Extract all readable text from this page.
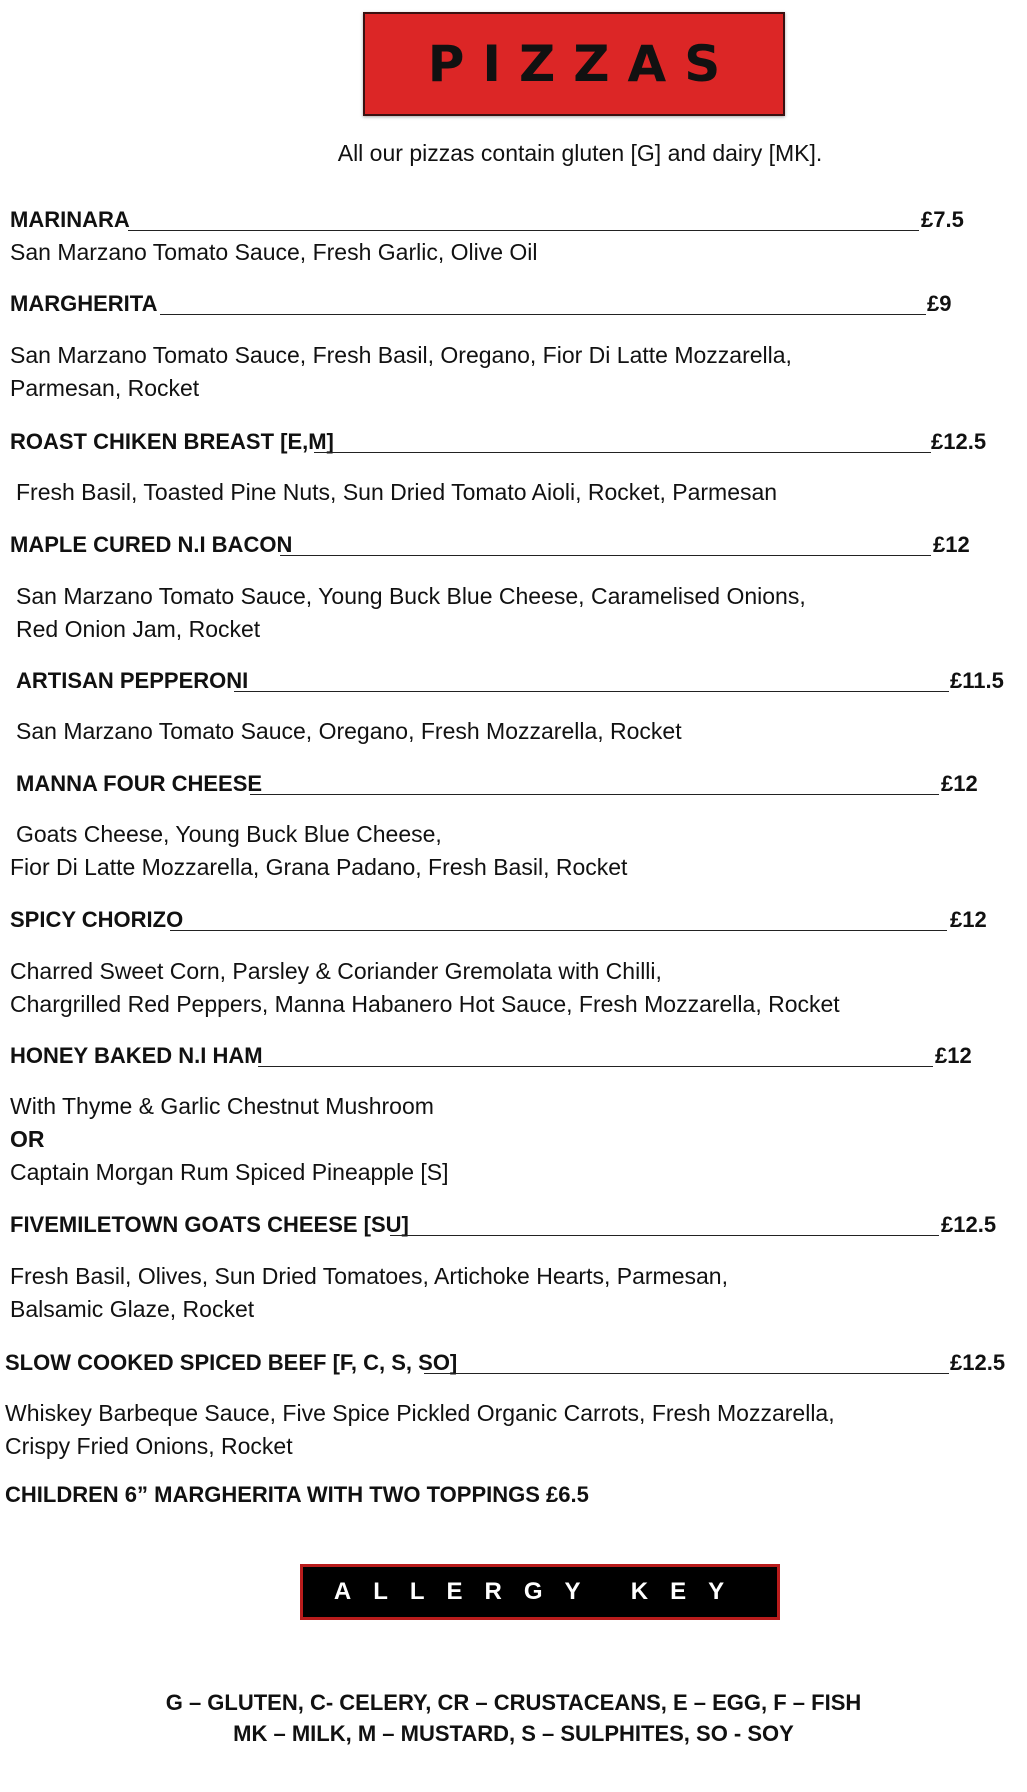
PIZZAS
All our pizzas contain gluten [G] and dairy [MK].
MARINARA	£7.5
San Marzano Tomato Sauce, Fresh Garlic, Olive Oil
MARGHERITA	£9
San Marzano Tomato Sauce, Fresh Basil, Oregano, Fior Di Latte Mozzarella,
Parmesan, Rocket
ROAST CHIKEN BREAST [E,M]	£12.5
Fresh Basil, Toasted Pine Nuts, Sun Dried Tomato Aioli, Rocket, Parmesan
MAPLE CURED N.I BACON	£12
San Marzano Tomato Sauce, Young Buck Blue Cheese, Caramelised Onions,
Red Onion Jam, Rocket
ARTISAN PEPPERONI	£11.5
San Marzano Tomato Sauce, Oregano, Fresh Mozzarella, Rocket
MANNA FOUR CHEESE	£12
Goats Cheese, Young Buck Blue Cheese,
Fior Di Latte Mozzarella, Grana Padano, Fresh Basil, Rocket
SPICY CHORIZO	£12
Charred Sweet Corn, Parsley & Coriander Gremolata with Chilli,
Chargrilled Red Peppers, Manna Habanero Hot Sauce, Fresh Mozzarella, Rocket
HONEY BAKED N.I HAM	£12
With Thyme & Garlic Chestnut Mushroom
OR
Captain Morgan Rum Spiced Pineapple [S]
FIVEMILETOWN GOATS CHEESE [SU]	£12.5
Fresh Basil, Olives, Sun Dried Tomatoes, Artichoke Hearts, Parmesan,
Balsamic Glaze, Rocket
SLOW COOKED SPICED BEEF [F, C, S, SO]	£12.5
Whiskey Barbeque Sauce, Five Spice Pickled Organic Carrots, Fresh Mozzarella,
Crispy Fried Onions, Rocket
CHILDREN 6” MARGHERITA WITH TWO TOPPINGS £6.5
ALLERGY KEY
G – GLUTEN, C- CELERY, CR – CRUSTACEANS, E – EGG, F – FISH
MK – MILK, M – MUSTARD, S – SULPHITES, SO - SOY
